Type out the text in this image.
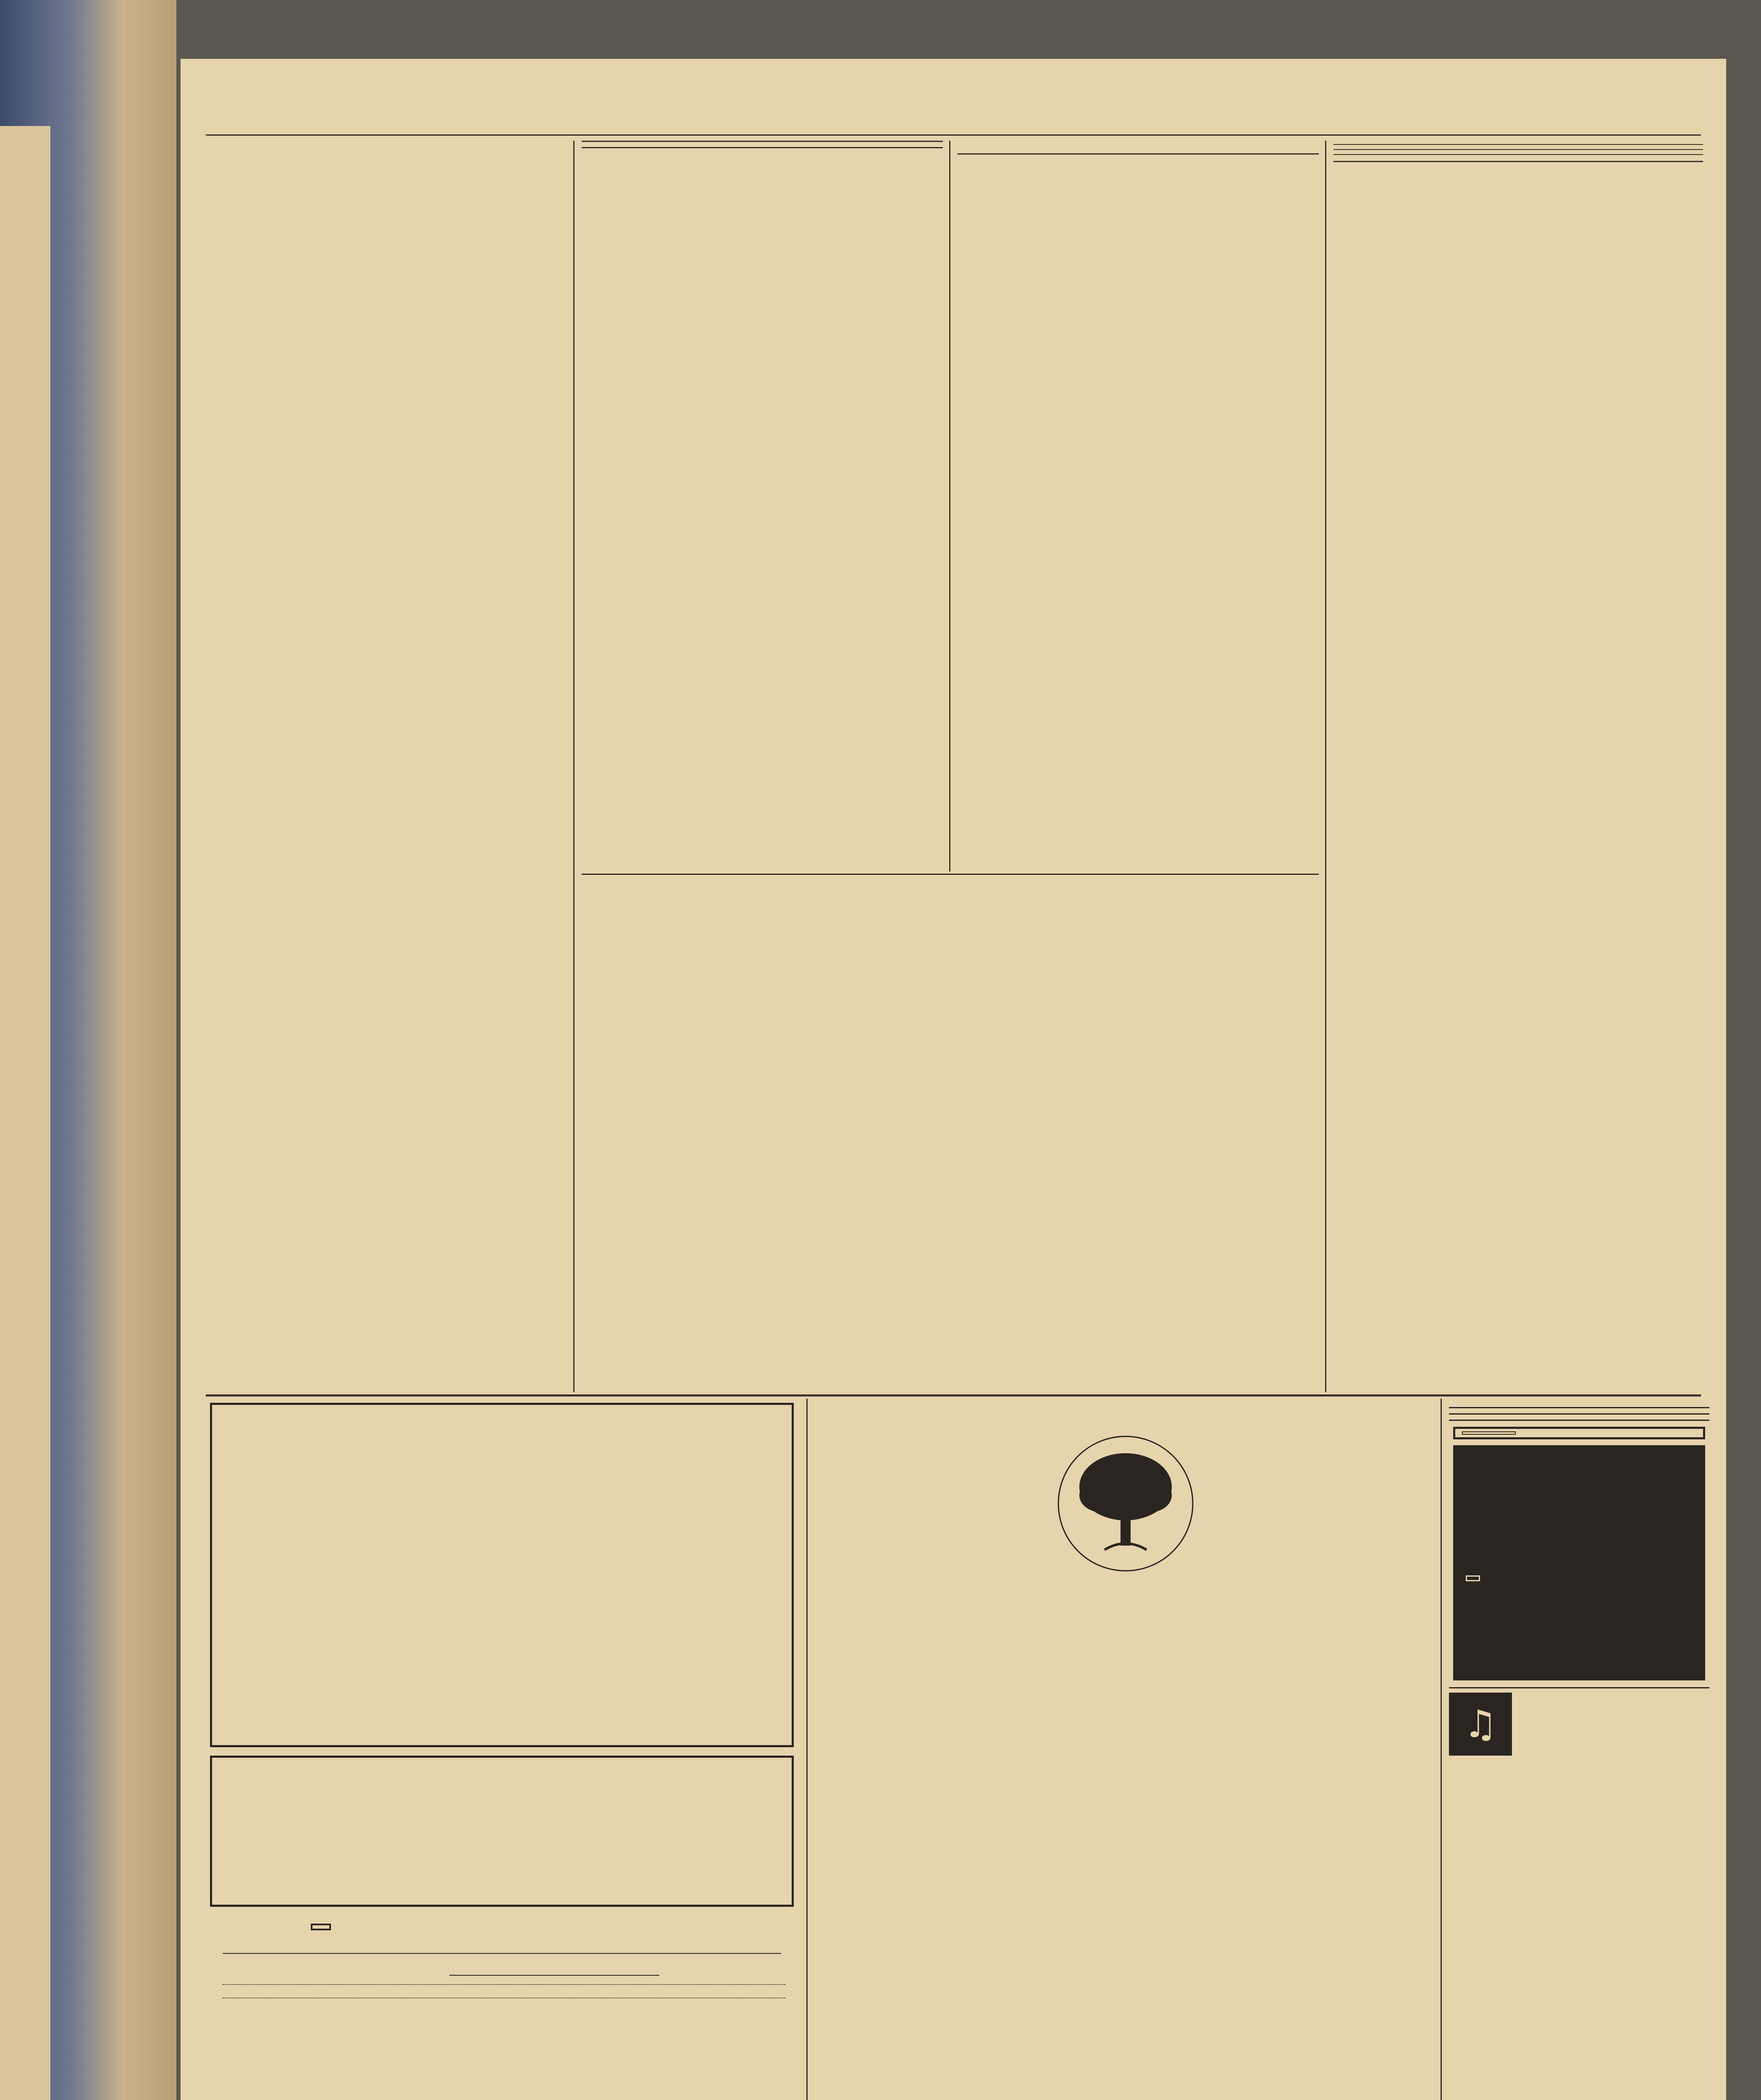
♫
